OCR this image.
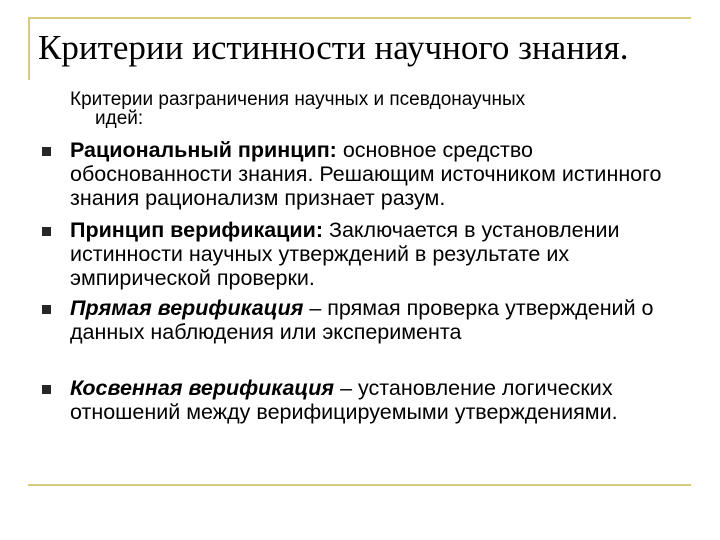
Критерии истинности научного знания.
Критерии разграничения научных и псевдонаучных
идей:
Рациональный принцип: основное средство обоснованности знания. Решающим источником истинного знания рационализм признает разум.
Принцип верификации: Заключается в установлении истинности научных утверждений в результате их эмпирической проверки.
Прямая верификация – прямая проверка утверждений о данных наблюдения или эксперимента
Косвенная верификация – установление логических отношений между верифицируемыми утверждениями.
